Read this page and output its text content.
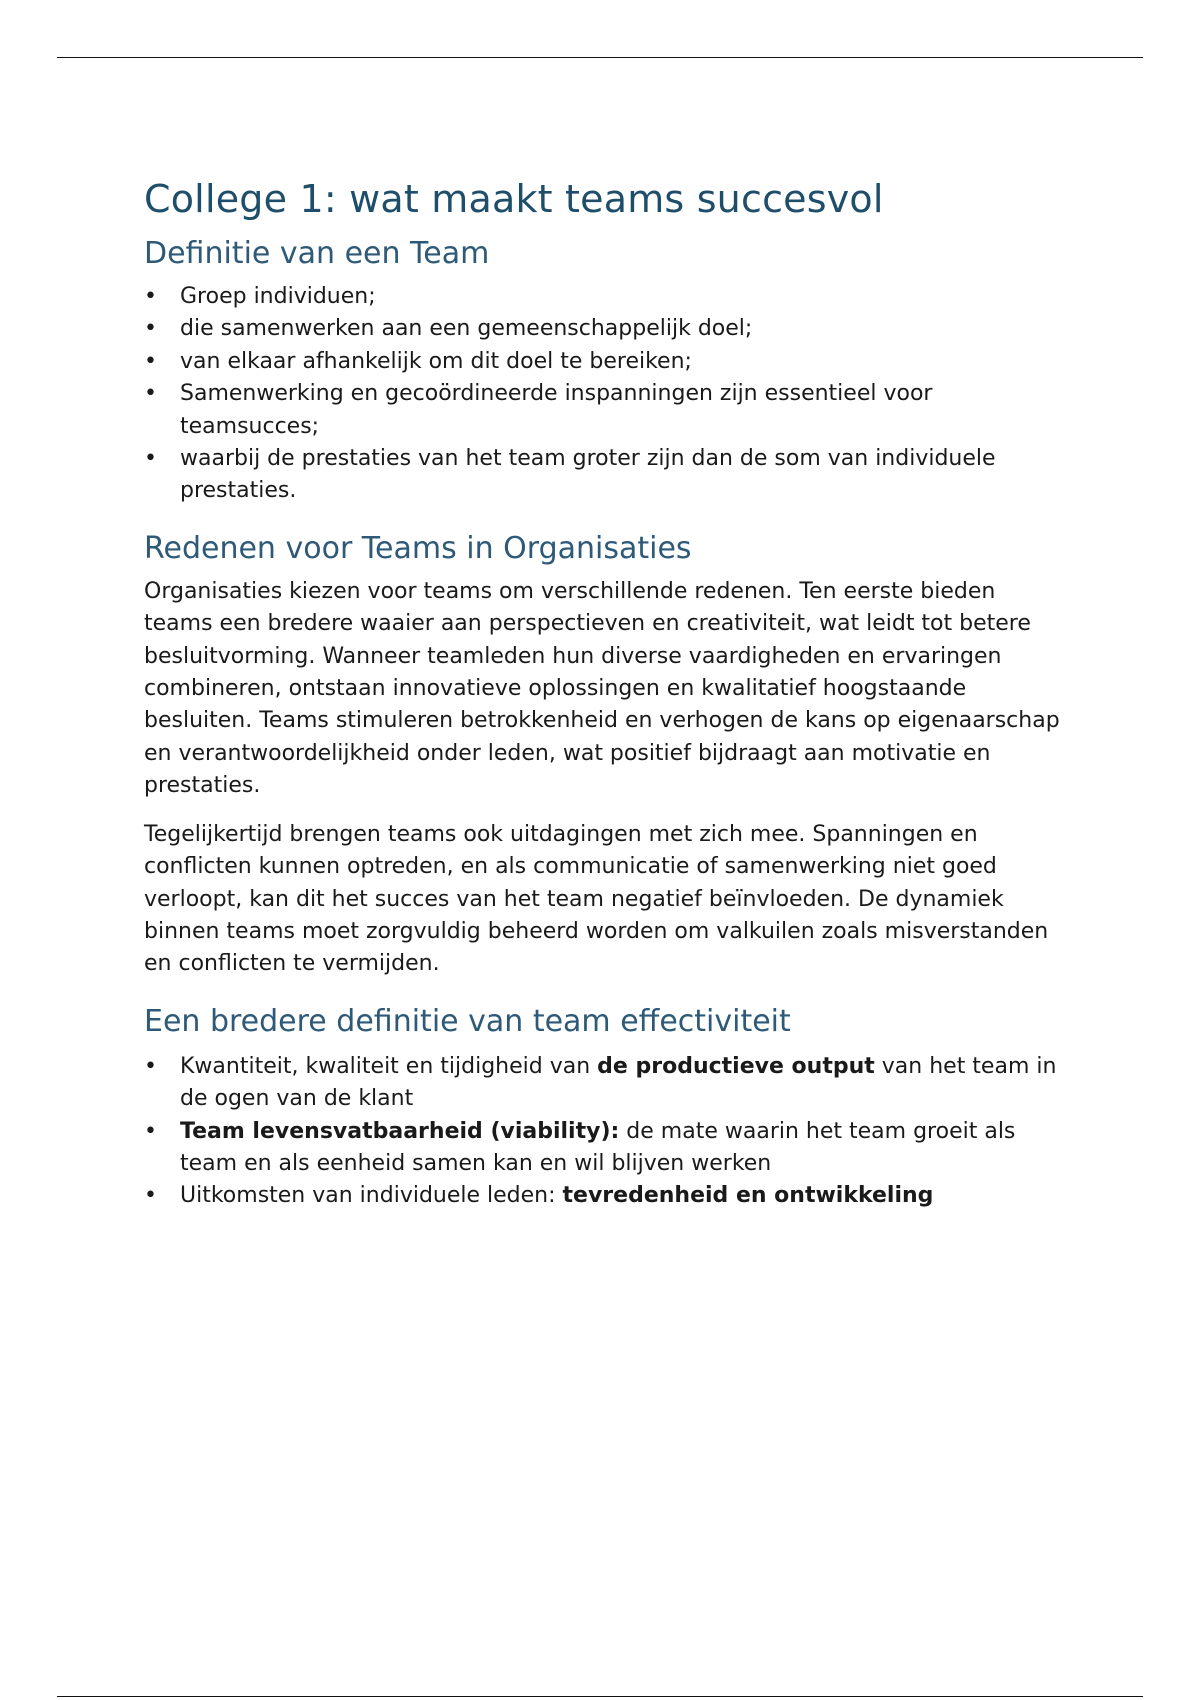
College 1: wat maakt teams succesvol
Definitie van een Team
• Groep individuen;
• die samenwerken aan een gemeenschappelijk doel;
• van elkaar afhankelijk om dit doel te bereiken;
• Samenwerking en gecoördineerde inspanningen zijn essentieel voor teamsucces;
• waarbij de prestaties van het team groter zijn dan de som van individuele prestaties.
Redenen voor Teams in Organisaties

Organisaties kiezen voor teams om verschillende redenen. Ten eerste bieden teams een bredere waaier aan perspectieven en creativiteit, wat leidt tot betere besluitvorming. Wanneer teamleden hun diverse vaardigheden en ervaringen combineren, ontstaan innovatieve oplossingen en kwalitatief hoogstaande besluiten. Teams stimuleren betrokkenheid en verhogen de kans op eigenaarschap en verantwoordelijkheid onder leden, wat positief bijdraagt aan motivatie en prestaties.

Tegelijkertijd brengen teams ook uitdagingen met zich mee. Spanningen en conflicten kunnen optreden, en als communicatie of samenwerking niet goed verloopt, kan dit het succes van het team negatief beïnvloeden. De dynamiek binnen teams moet zorgvuldig beheerd worden om valkuilen zoals misverstanden en conflicten te vermijden.

Een bredere definitie van team effectiviteit
• Kwantiteit, kwaliteit en tijdigheid van de productieve output van het team in de ogen van de klant
• Team levensvatbaarheid (viability): de mate waarin het team groeit als team en als eenheid samen kan en wil blijven werken
• Uitkomsten van individuele leden: tevredenheid en ontwikkeling
